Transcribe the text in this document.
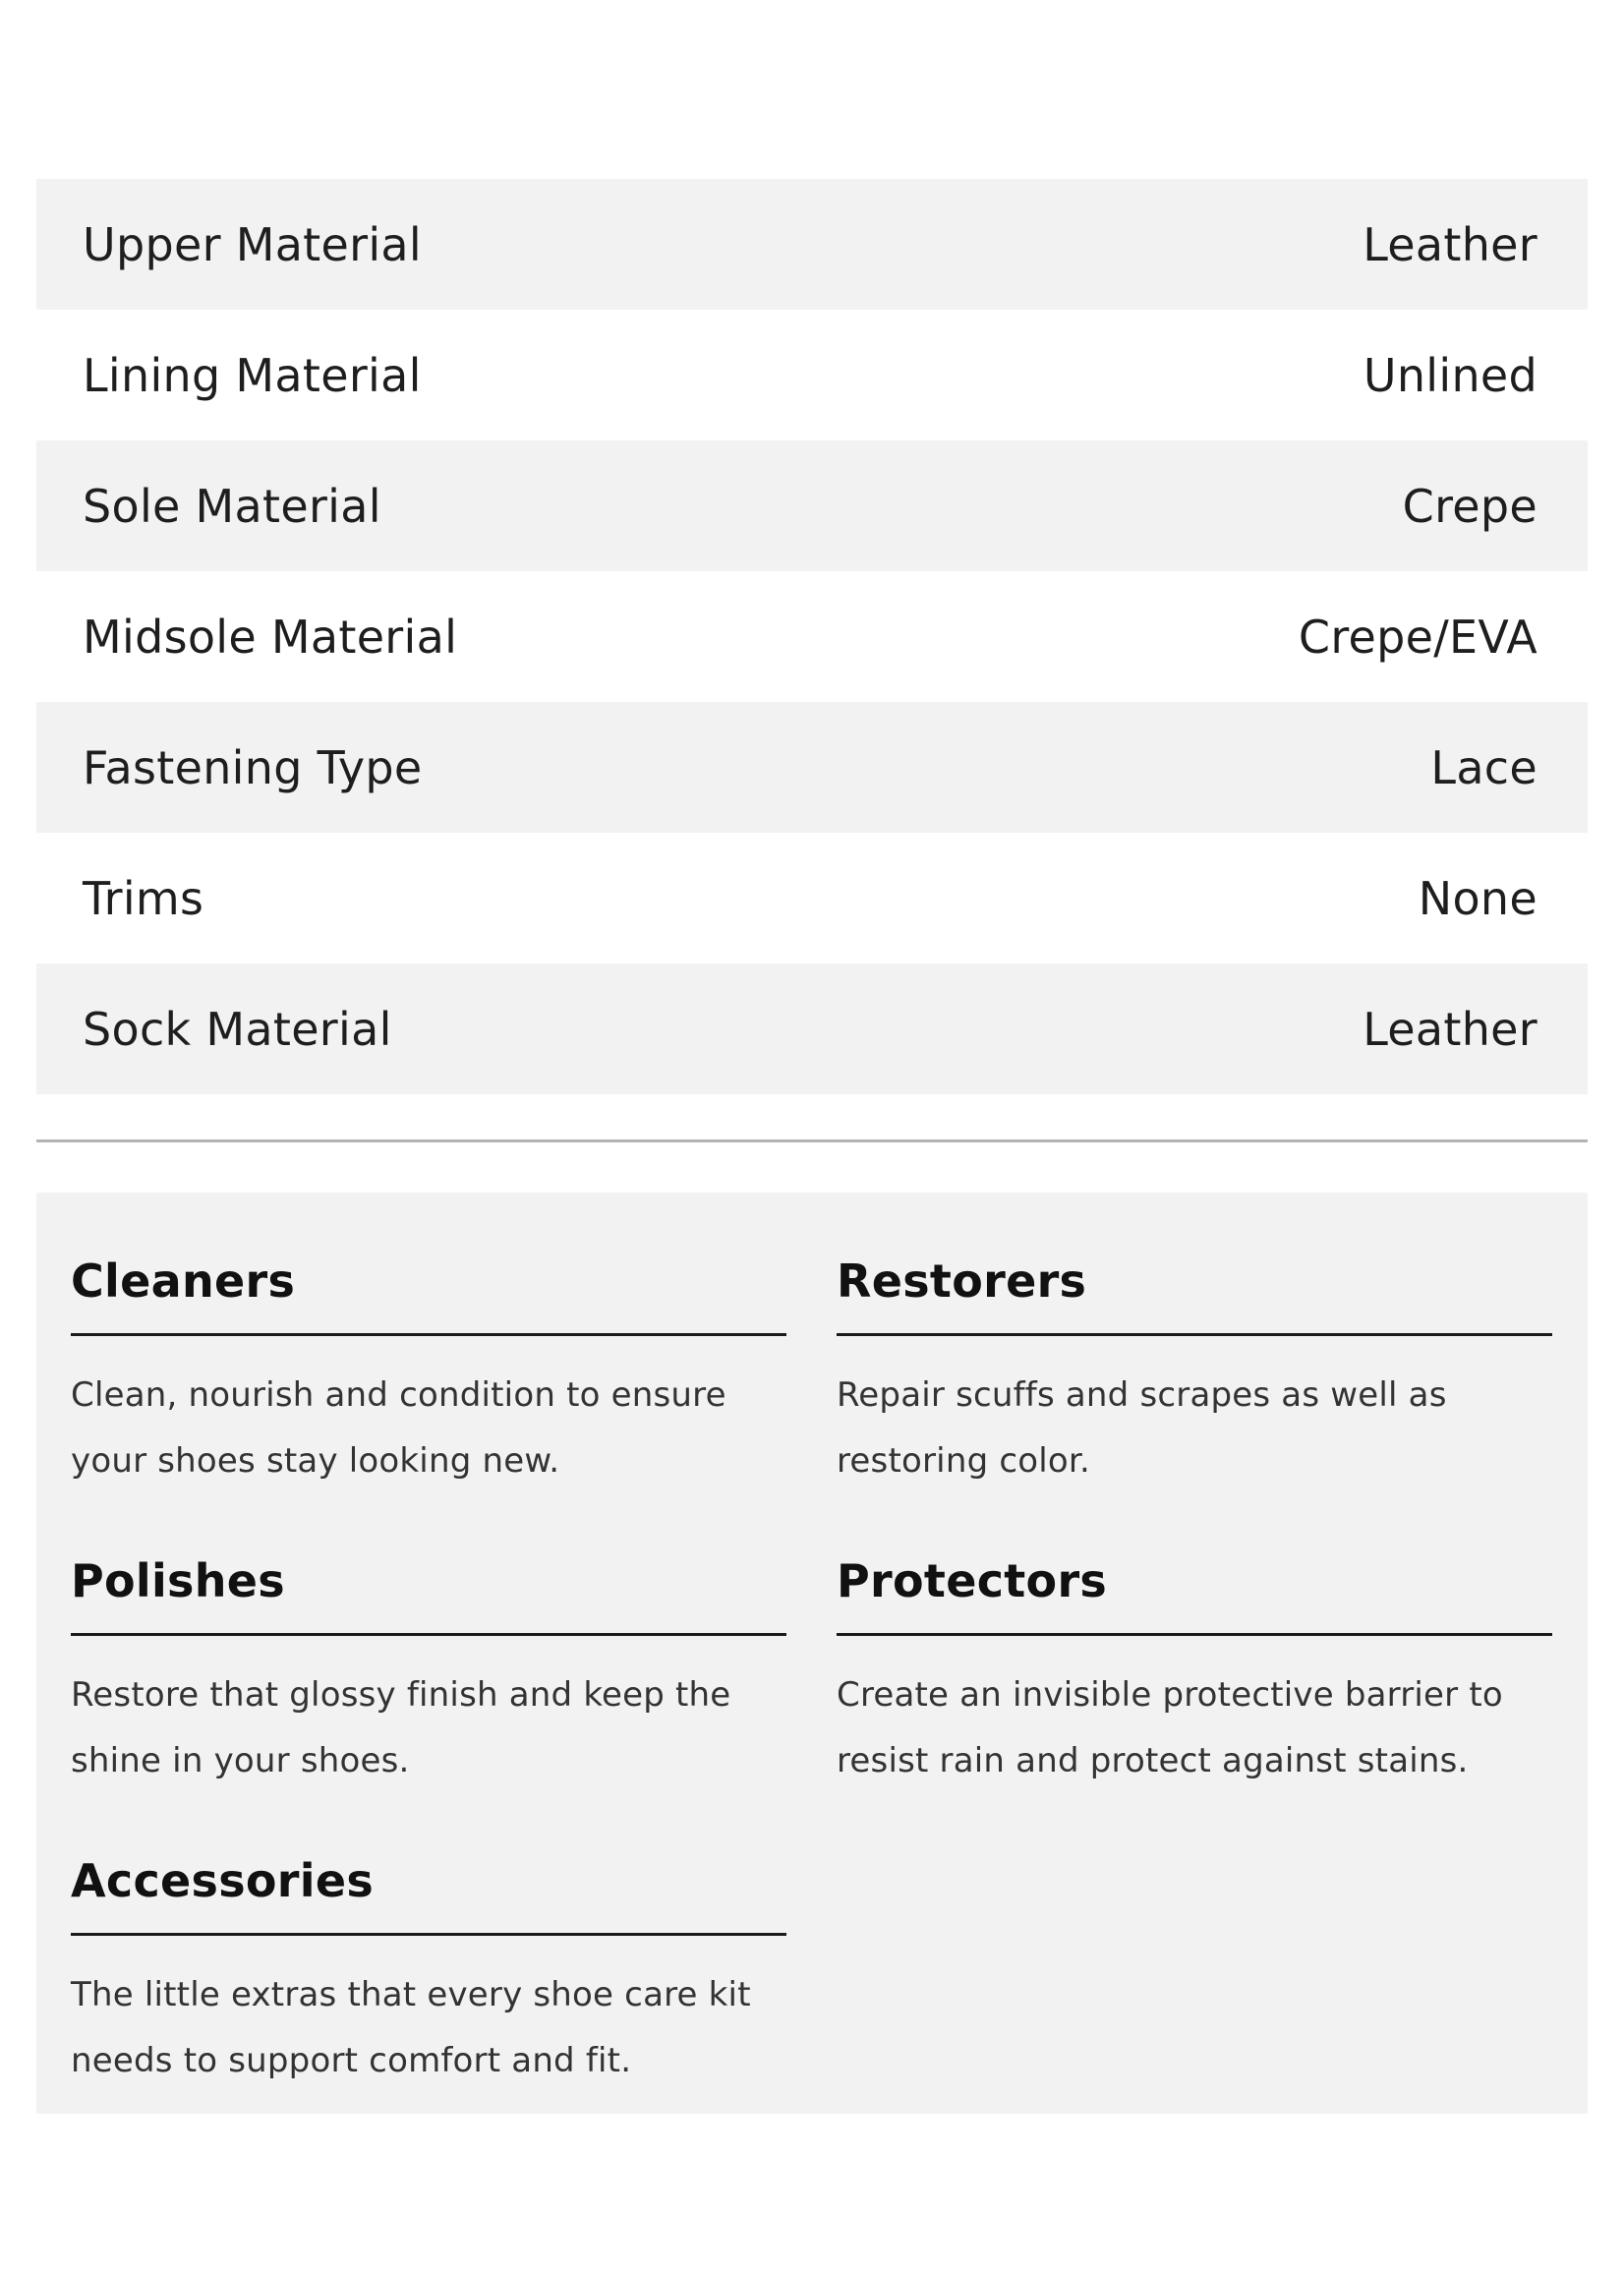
Upper Material	Leather
Lining Material	Unlined
Sole Material	Crepe
Midsole Material	Crepe/EVA
Fastening Type	Lace
Trims	None
Sock Material	Leather
Cleaners
Clean, nourish and condition to ensure your shoes stay looking new.
Restorers
Repair scuffs and scrapes as well as restoring color.
Polishes
Restore that glossy finish and keep the shine in your shoes.
Protectors
Create an invisible protective barrier to resist rain and protect against stains.
Accessories
The little extras that every shoe care kit needs to support comfort and fit.
